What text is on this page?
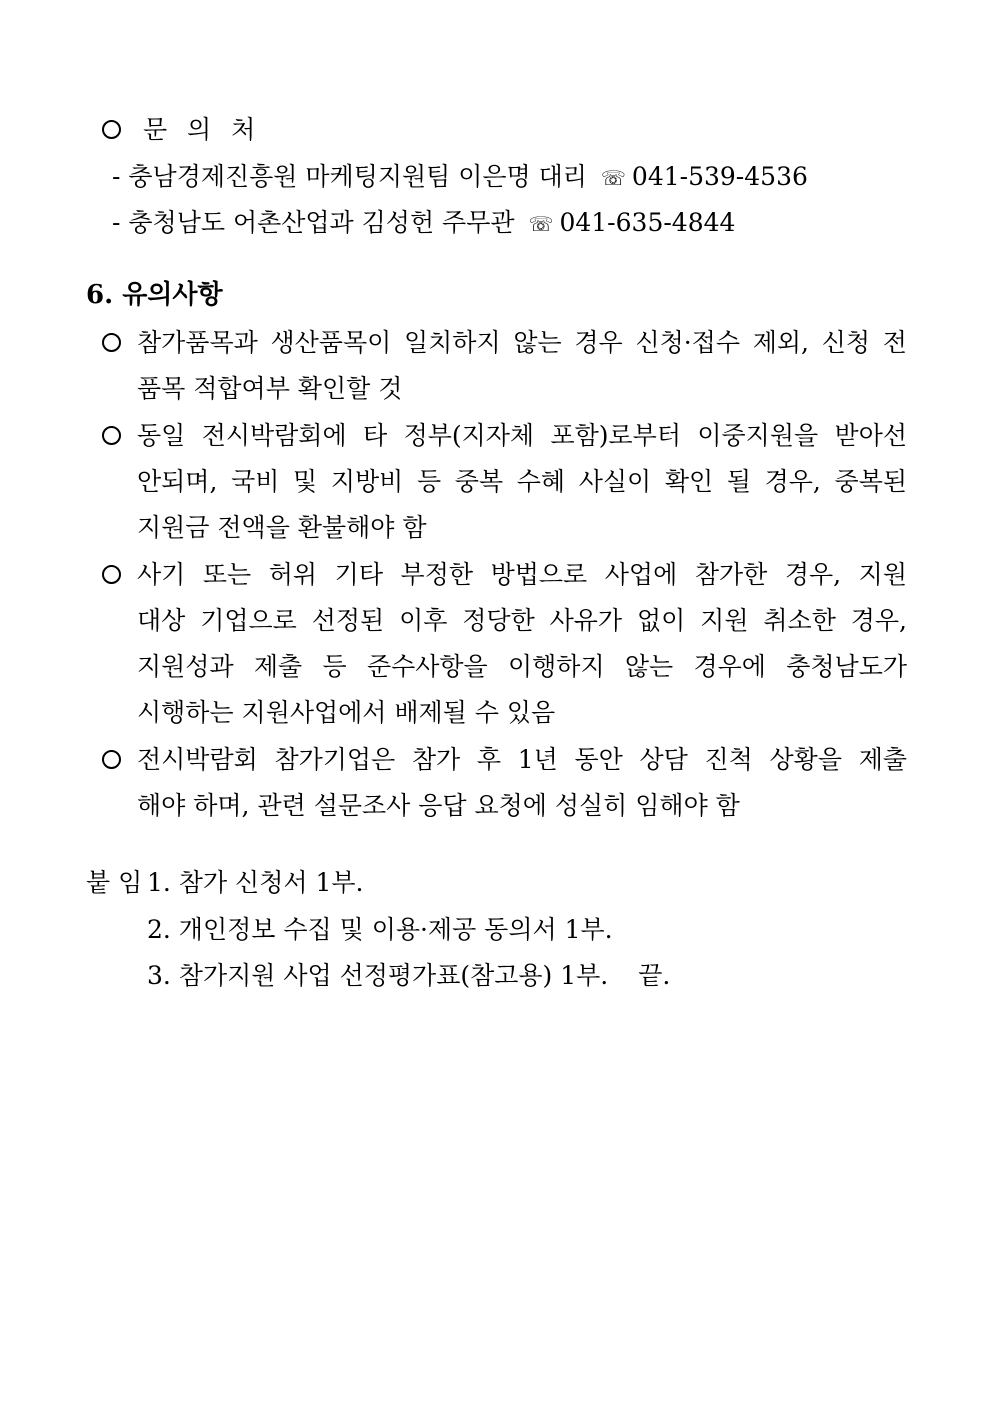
문 의 처
- 충남경제진흥원 마케팅지원팀 이은명 대리 ☏ 041-539-4536
- 충청남도 어촌산업과 김성헌 주무관 ☏ 041-635-4844
6. 유의사항
참가품목과 생산품목이 일치하지 않는 경우 신청·접수 제외, 신청 전
품목 적합여부 확인할 것
동일 전시박람회에 타 정부(지자체 포함)로부터 이중지원을 받아선
안되며, 국비 및 지방비 등 중복 수혜 사실이 확인 될 경우, 중복된
지원금 전액을 환불해야 함
사기 또는 허위 기타 부정한 방법으로 사업에 참가한 경우, 지원
대상 기업으로 선정된 이후 정당한 사유가 없이 지원 취소한 경우,
지원성과 제출 등 준수사항을 이행하지 않는 경우에 충청남도가
시행하는 지원사업에서 배제될 수 있음
전시박람회 참가기업은 참가 후 1년 동안 상담 진척 상황을 제출
해야 하며, 관련 설문조사 응답 요청에 성실히 임해야 함
붙 임 1. 참가 신청서 1부.
2. 개인정보 수집 및 이용·제공 동의서 1부.
3. 참가지원 사업 선정평가표(참고용) 1부. 끝.
